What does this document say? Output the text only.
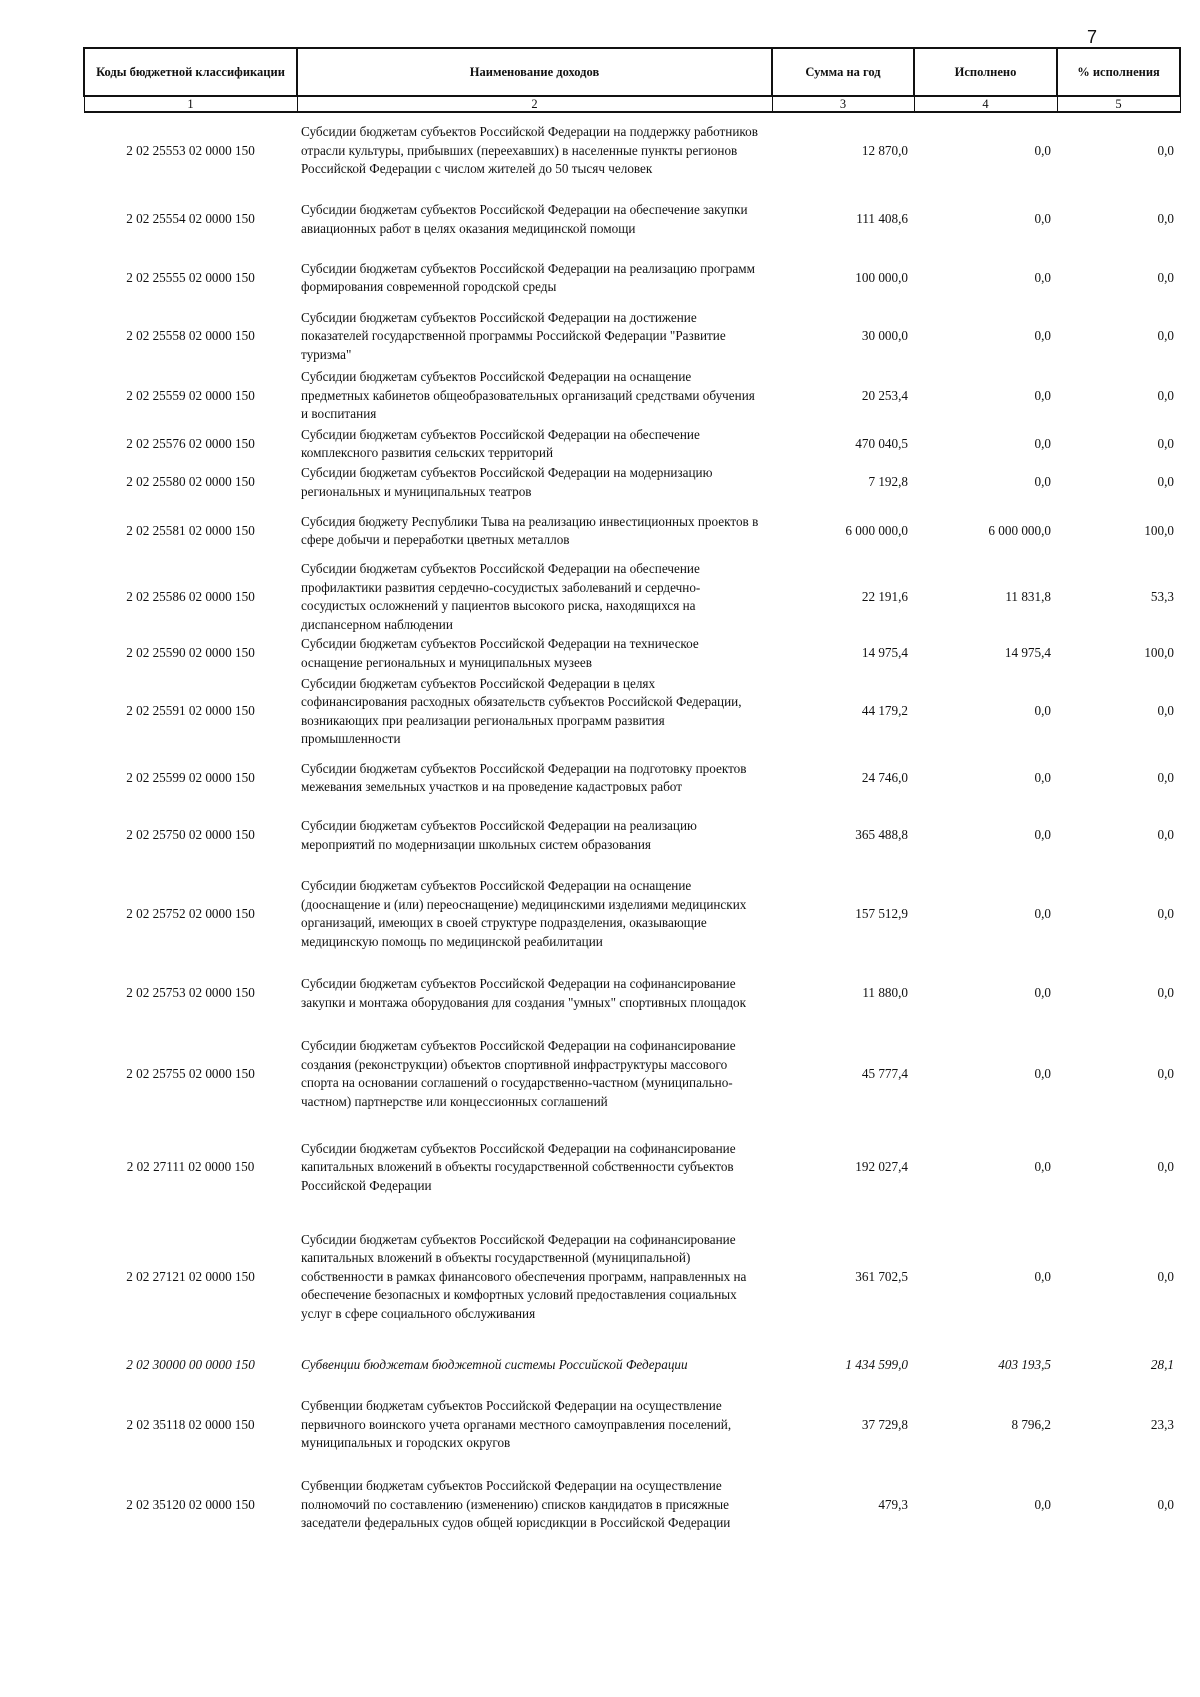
7
Коды бюджетной классификации	Наименование доходов	Сумма на год	Исполнено	% исполнения
1	2	3	4	5
2 02 25553 02 0000 150	Субсидии бюджетам субъектов Российской Федерации на поддержку работников отрасли культуры, прибывших (переехавших) в населенные пункты регионов Российской Федерации с числом жителей до 50 тысяч человек	12 870,0	0,0	0,0
2 02 25554 02 0000 150	Субсидии бюджетам субъектов Российской Федерации на обеспечение закупки авиационных работ в целях оказания медицинской помощи	111 408,6	0,0	0,0
2 02 25555 02 0000 150	Субсидии бюджетам субъектов Российской Федерации на реализацию программ формирования современной городской среды	100 000,0	0,0	0,0
2 02 25558 02 0000 150	Субсидии бюджетам субъектов Российской Федерации на достижение показателей государственной программы Российской Федерации "Развитие туризма"	30 000,0	0,0	0,0
2 02 25559 02 0000 150	Субсидии бюджетам субъектов Российской Федерации на оснащение предметных кабинетов общеобразовательных организаций средствами обучения и воспитания	20 253,4	0,0	0,0
2 02 25576 02 0000 150	Субсидии бюджетам субъектов Российской Федерации на обеспечение комплексного развития сельских территорий	470 040,5	0,0	0,0
2 02 25580 02 0000 150	Субсидии бюджетам субъектов Российской Федерации на модернизацию региональных и муниципальных театров	7 192,8	0,0	0,0
2 02 25581 02 0000 150	Субсидия бюджету Республики Тыва на реализацию инвестиционных проектов в сфере добычи и переработки цветных металлов	6 000 000,0	6 000 000,0	100,0
2 02 25586 02 0000 150	Субсидии бюджетам субъектов Российской Федерации на обеспечение профилактики развития сердечно-сосудистых заболеваний и сердечно-сосудистых осложнений у пациентов высокого риска, находящихся на диспансерном наблюдении	22 191,6	11 831,8	53,3
2 02 25590 02 0000 150	Субсидии бюджетам субъектов Российской Федерации на техническое оснащение региональных и муниципальных музеев	14 975,4	14 975,4	100,0
2 02 25591 02 0000 150	Субсидии бюджетам субъектов Российской Федерации в целях софинансирования расходных обязательств субъектов Российской Федерации, возникающих при реализации региональных программ развития промышленности	44 179,2	0,0	0,0
2 02 25599 02 0000 150	Субсидии бюджетам субъектов Российской Федерации на подготовку проектов межевания земельных участков и на проведение кадастровых работ	24 746,0	0,0	0,0
2 02 25750 02 0000 150	Субсидии бюджетам субъектов Российской Федерации на реализацию мероприятий по модернизации школьных систем образования	365 488,8	0,0	0,0
2 02 25752 02 0000 150	Субсидии бюджетам субъектов Российской Федерации на оснащение (дооснащение и (или) переоснащение) медицинскими изделиями медицинских организаций, имеющих в своей структуре подразделения, оказывающие медицинскую помощь по медицинской реабилитации	157 512,9	0,0	0,0
2 02 25753 02 0000 150	Субсидии бюджетам субъектов Российской Федерации на софинансирование закупки и монтажа оборудования для создания "умных" спортивных площадок	11 880,0	0,0	0,0
2 02 25755 02 0000 150	Субсидии бюджетам субъектов Российской Федерации на софинансирование создания (реконструкции) объектов спортивной инфраструктуры массового спорта на основании соглашений о государственно-частном (муниципально-частном) партнерстве или концессионных соглашений	45 777,4	0,0	0,0
2 02 27111 02 0000 150	Субсидии бюджетам субъектов Российской Федерации на софинансирование капитальных вложений в объекты государственной собственности субъектов Российской Федерации	192 027,4	0,0	0,0
2 02 27121 02 0000 150	Субсидии бюджетам субъектов Российской Федерации на софинансирование капитальных вложений в объекты государственной (муниципальной) собственности в рамках финансового обеспечения программ, направленных на обеспечение безопасных и комфортных условий предоставления социальных услуг в сфере социального обслуживания	361 702,5	0,0	0,0
2 02 30000 00 0000 150	Субвенции бюджетам бюджетной системы Российской Федерации	1 434 599,0	403 193,5	28,1
2 02 35118 02 0000 150	Субвенции бюджетам субъектов Российской Федерации на осуществление первичного воинского учета органами местного самоуправления поселений, муниципальных и городских округов	37 729,8	8 796,2	23,3
2 02 35120 02 0000 150	Субвенции бюджетам субъектов Российской Федерации на осуществление полномочий по составлению (изменению) списков кандидатов в присяжные заседатели федеральных судов общей юрисдикции в Российской Федерации	479,3	0,0	0,0
